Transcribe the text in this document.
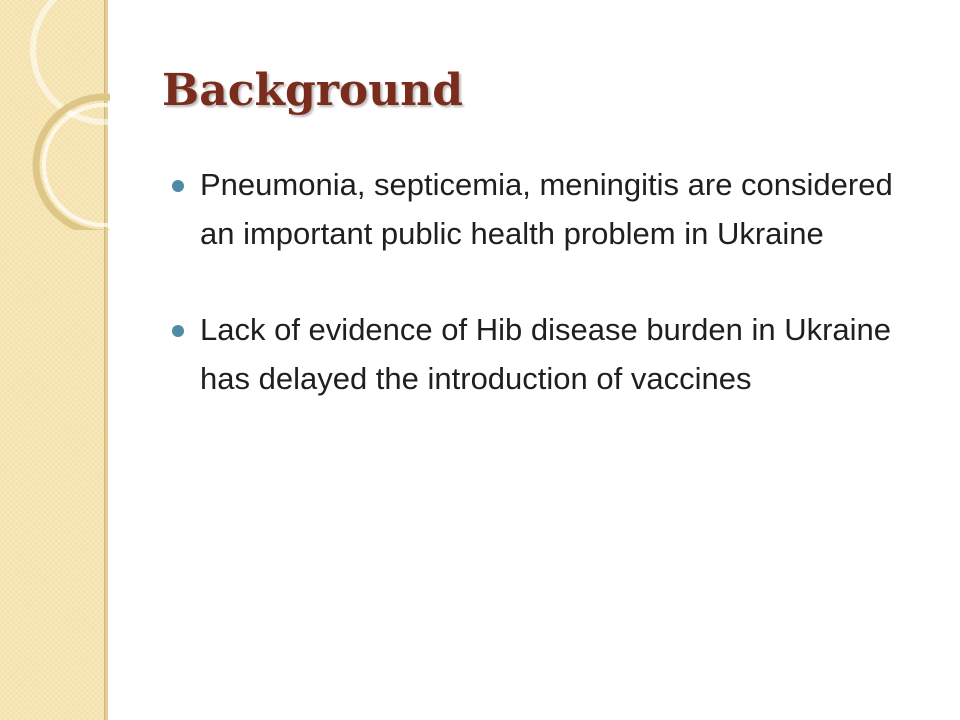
Background
Pneumonia, septicemia, meningitis are considered an important public health problem in Ukraine
Lack of evidence of Hib disease burden in Ukraine has delayed the introduction of vaccines
